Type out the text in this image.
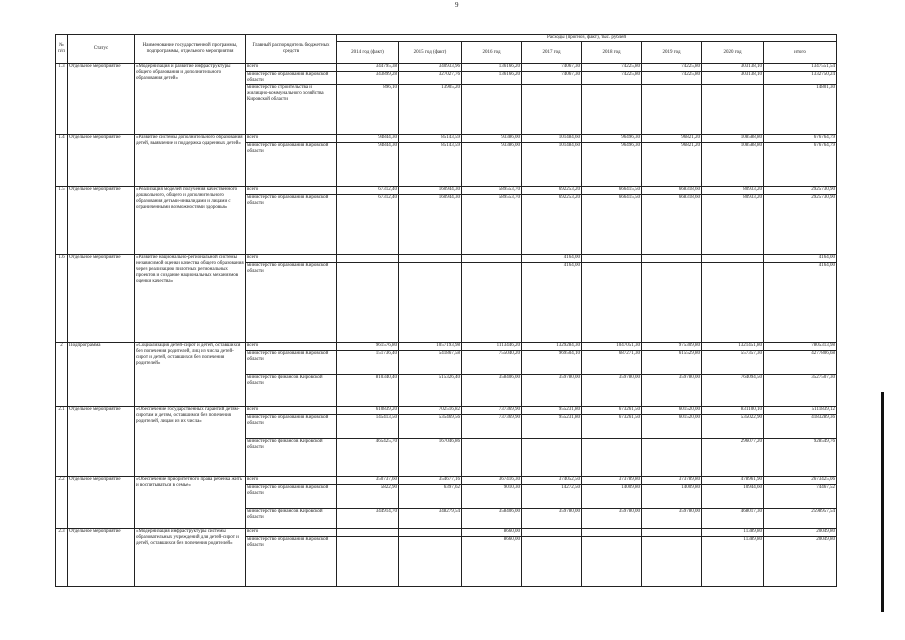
9
№ п/п	Статус	Наименование государственной программы, подпрограммы, отдельного мероприятия	Главный распорядитель бюджетных средств	Расходы (прогноз, факт), тыс. рублей							
				2014 год (факт)	2015 год (факт)	2016 год	2017 год	2018 год	2019 год	2020 год	итого
1.3	Отдельное мероприятие	«Модернизация и развитие инфраструктуры общего образования и дополнительного образования детей»	всего	344795,38	340933,96	136166,20	74067,30	74225,80	74225,80	303138,10	1347551,54
			министерство образования Кировской области	343899,28	327027,76	136166,20	74067,30	74225,80	74225,80	303138,10	1332750,24
			министерство строительства и жилищно-коммунального хозяйства Кировской области	896,10	13905,20						14801,30
1.4	Отдельное мероприятие	«Развитие системы дополнительного образования детей, выявление и поддержка одаренных детей»	всего	94844,30	85143,59	93386,00	101484,60	96496,30	96821,20	108588,80	676764,79
			министерство образования Кировской области	94844,30	85143,59	93386,00	101484,60	96496,30	96821,20	108588,80	676764,79
1.5	Отдельное мероприятие	«Реализация моделей получения качественного дошкольного, общего и дополнительного образования детьми-инвалидами и лицами с ограниченными возможностями здоровья»	всего	67312,40	160944,30	589553,70	692253,20	666415,50	668318,60	80933,20	2925730,90
			министерство образования Кировской области	67312,40	160944,30	589553,70	692253,20	666415,50	668318,60	80933,20	2925730,90
1.6	Отдельное мероприятие	«Развитие национально-региональной системы независимой оценки качества общего образования через реализацию пилотных региональных проектов и создание национальных механизмов оценки качества»	всего				4164,00				4164,00
			министерство образования Кировской области				4164,00				4164,00
2	Подпрограмма	«Социализация детей-сирот и детей, оставшихся без попечения родителей, лиц из числа детей-сирот и детей, оставшихся без попечения родителей»	всего	961576,80	1057193,98	1113446,20	1329284,30	1047051,30	975309,80	1321451,80	7805313,98
			министерство образования Кировской области	151736,40	541867,58	755040,20	969504,10	687271,30	615529,80	557357,30	4277806,68
			министерство финансов Кировской области	810340,40	515326,40	358406,00	359780,00	359780,00	359780,00	764094,50	3527507,30
2.1	Отдельное мероприятие	«Обеспечение государственных гарантий детям-сиротам и детям, оставшимся без попечения родителей, лицам из их числа»	всего	610839,20	702516,82	737369,90	955231,80	673261,50	601520,00	831100,10	5111839,12
			министерство образования Кировской области	145413,50	535469,56	737369,90	955231,80	673261,50	601520,00	535022,90	4183289,36
			министерство финансов Кировской области	465425,70	167046,86					296077,20	928549,76
2.2	Отдельное мероприятие	«Обеспечение приоритетного права ребенка жить и воспитываться в семье»	всего	350737,60	354677,16	367416,30	374052,50	373789,80	373789,80	478961,90	2673425,06
			министерство образования Кировской области	5822,90	6397,62	9010,30	14272,50	14009,80	14009,80	10944,60	74467,52
			министерство финансов Кировской области	344914,70	348279,54	358406,00	359780,00	359780,00	359780,00	468017,30	2598957,54
2.3	Отдельное мероприятие	«Модернизация инфраструктуры системы образовательных учреждений для детей-сирот и детей, оставшихся без попечения родителей»	всего			8660,00				11389,80	20049,80
			министерство образования Кировской области			8660,00				11389,80	20049,80
